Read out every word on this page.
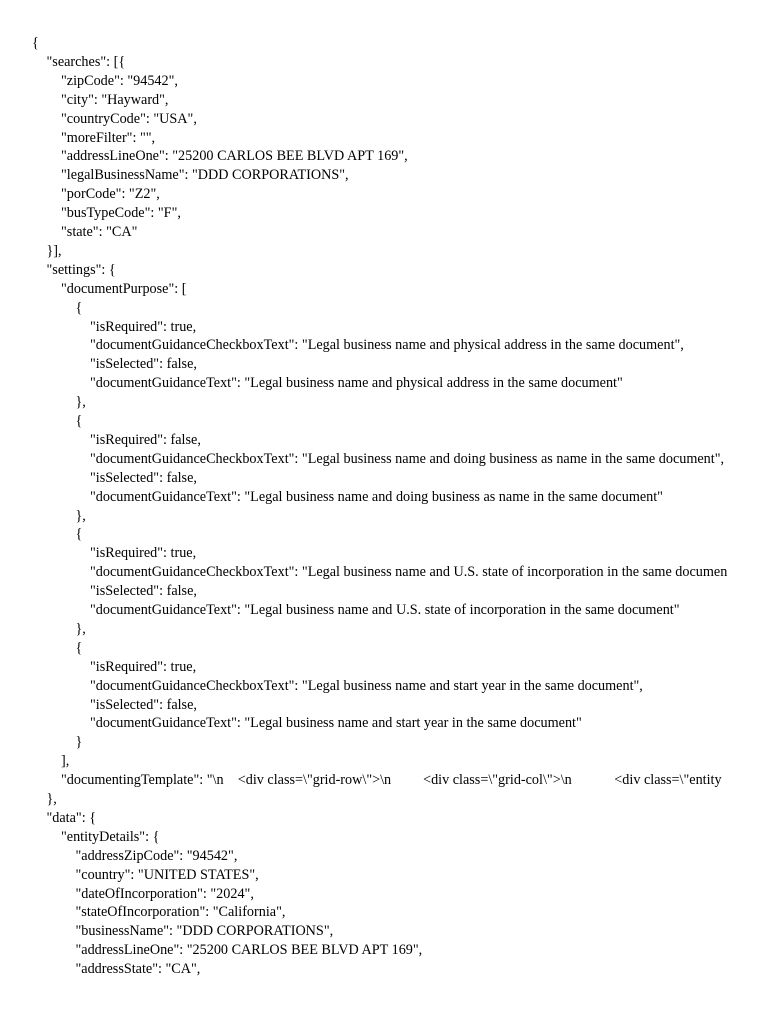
{
"searches": [{
"zipCode": "94542",
"city": "Hayward",
"countryCode": "USA",
"moreFilter": "",
"addressLineOne": "25200 CARLOS BEE BLVD APT 169",
"legalBusinessName": "DDD CORPORATIONS",
"porCode": "Z2",
"busTypeCode": "F",
"state": "CA"
}],
"settings": {
"documentPurpose": [
{
"isRequired": true,
"documentGuidanceCheckboxText": "Legal business name and physical address in the same document",
"isSelected": false,
"documentGuidanceText": "Legal business name and physical address in the same document"
},
{
"isRequired": false,
"documentGuidanceCheckboxText": "Legal business name and doing business as name in the same document",
"isSelected": false,
"documentGuidanceText": "Legal business name and doing business as name in the same document"
},
{
"isRequired": true,
"documentGuidanceCheckboxText": "Legal business name and U.S. state of incorporation in the same documen
"isSelected": false,
"documentGuidanceText": "Legal business name and U.S. state of incorporation in the same document"
},
{
"isRequired": true,
"documentGuidanceCheckboxText": "Legal business name and start year in the same document",
"isSelected": false,
"documentGuidanceText": "Legal business name and start year in the same document"
}
],
"documentingTemplate": "\n    <div class=\"grid-row\">\n         <div class=\"grid-col\">\n            <div class=\"entity
},
"data": {
"entityDetails": {
"addressZipCode": "94542",
"country": "UNITED STATES",
"dateOfIncorporation": "2024",
"stateOfIncorporation": "California",
"businessName": "DDD CORPORATIONS",
"addressLineOne": "25200 CARLOS BEE BLVD APT 169",
"addressState": "CA",
